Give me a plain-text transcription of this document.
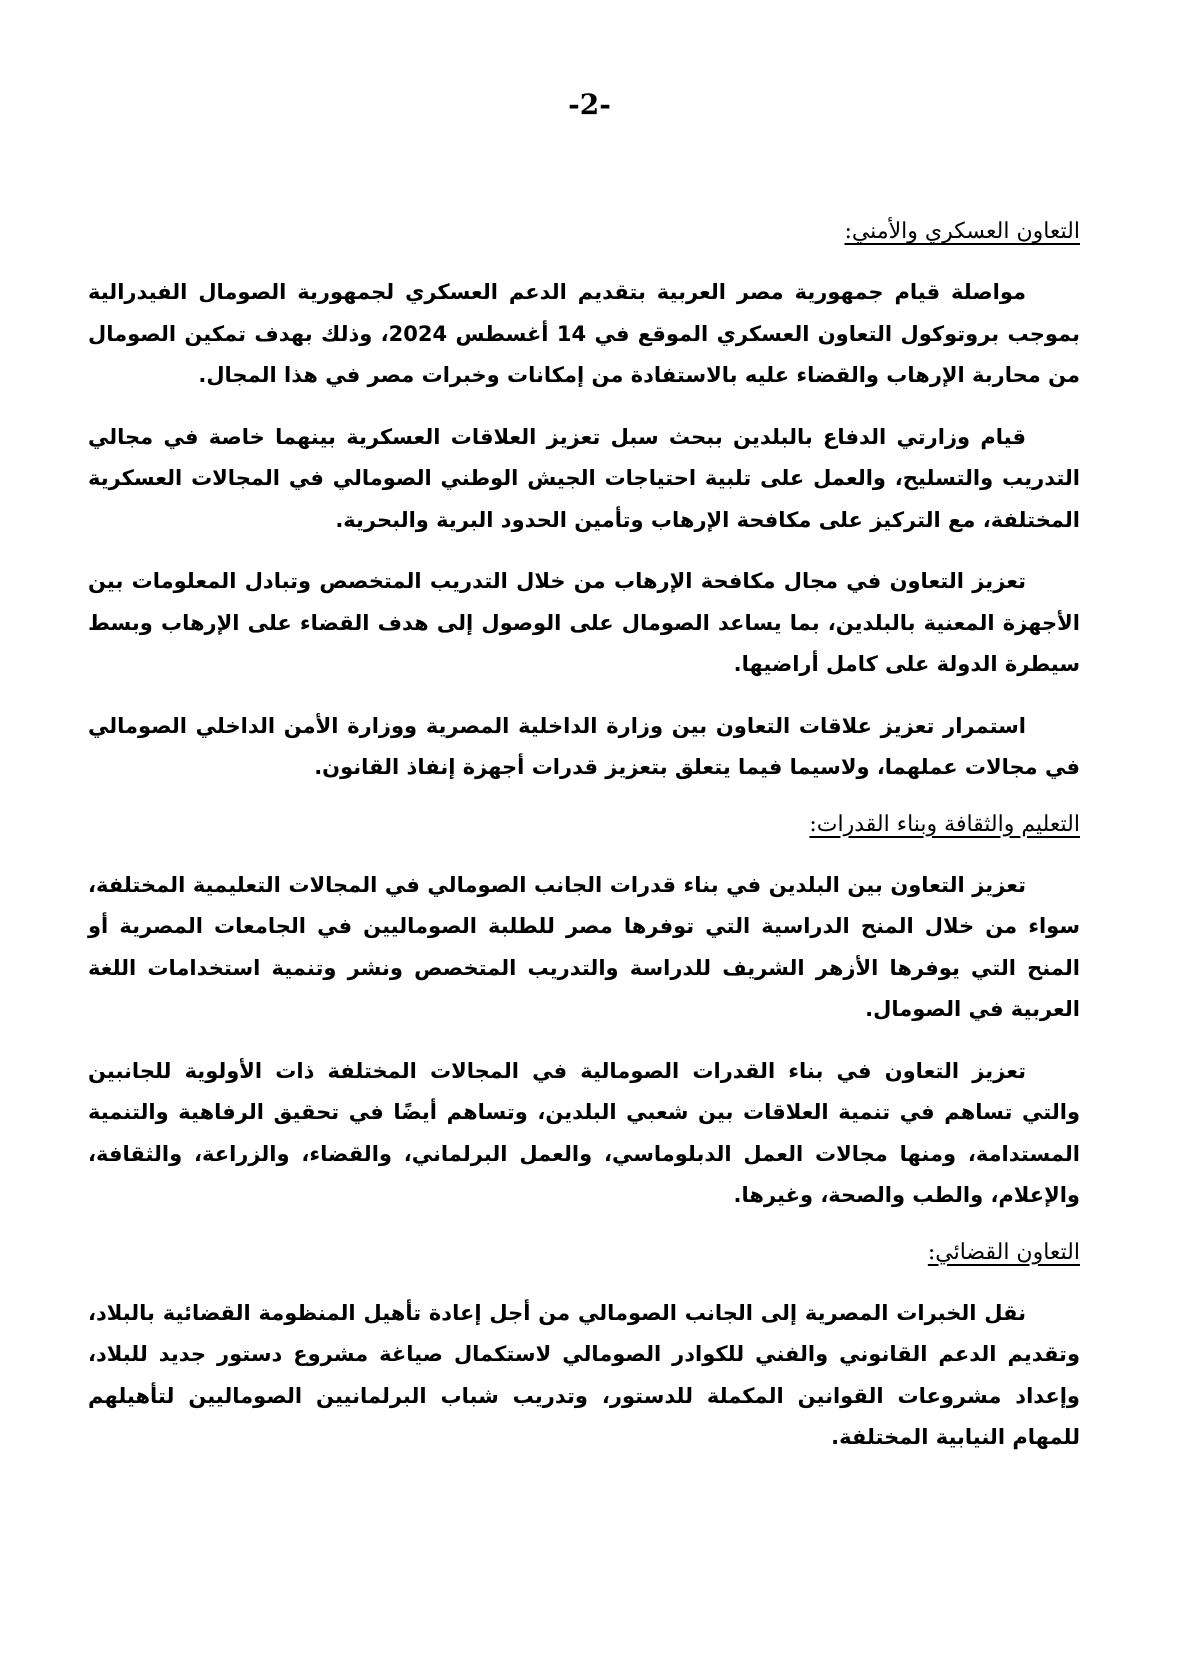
-2-
التعاون العسكري والأمني:

مواصلة قيام جمهورية مصر العربية بتقديم الدعم العسكري لجمهورية الصومال الفيدرالية بموجب بروتوكول التعاون العسكري الموقع في 14 أغسطس 2024، وذلك بهدف تمكين الصومال من محاربة الإرهاب والقضاء عليه بالاستفادة من إمكانات وخبرات مصر في هذا المجال.

قيام وزارتي الدفاع بالبلدين ببحث سبل تعزيز العلاقات العسكرية بينهما خاصة في مجالي التدريب والتسليح، والعمل على تلبية احتياجات الجيش الوطني الصومالي في المجالات العسكرية المختلفة، مع التركيز على مكافحة الإرهاب وتأمين الحدود البرية والبحرية.

تعزيز التعاون في مجال مكافحة الإرهاب من خلال التدريب المتخصص وتبادل المعلومات بين الأجهزة المعنية بالبلدين، بما يساعد الصومال على الوصول إلى هدف القضاء على الإرهاب وبسط سيطرة الدولة على كامل أراضيها.

استمرار تعزيز علاقات التعاون بين وزارة الداخلية المصرية ووزارة الأمن الداخلي الصومالي في مجالات عملهما، ولاسيما فيما يتعلق بتعزيز قدرات أجهزة إنفاذ القانون.

التعليم والثقافة وبناء القدرات:

تعزيز التعاون بين البلدين في بناء قدرات الجانب الصومالي في المجالات التعليمية المختلفة، سواء من خلال المنح الدراسية التي توفرها مصر للطلبة الصوماليين في الجامعات المصرية أو المنح التي يوفرها الأزهر الشريف للدراسة والتدريب المتخصص ونشر وتنمية استخدامات اللغة العربية في الصومال.

تعزيز التعاون في بناء القدرات الصومالية في المجالات المختلفة ذات الأولوية للجانبين والتي تساهم في تنمية العلاقات بين شعبي البلدين، وتساهم أيضًا في تحقيق الرفاهية والتنمية المستدامة، ومنها مجالات العمل الدبلوماسي، والعمل البرلماني، والقضاء، والزراعة، والثقافة، والإعلام، والطب والصحة، وغيرها.

التعاون القضائي:

نقل الخبرات المصرية إلى الجانب الصومالي من أجل إعادة تأهيل المنظومة القضائية بالبلاد، وتقديم الدعم القانوني والفني للكوادر الصومالي لاستكمال صياغة مشروع دستور جديد للبلاد، وإعداد مشروعات القوانين المكملة للدستور، وتدريب شباب البرلمانيين الصوماليين لتأهيلهم للمهام النيابية المختلفة.
